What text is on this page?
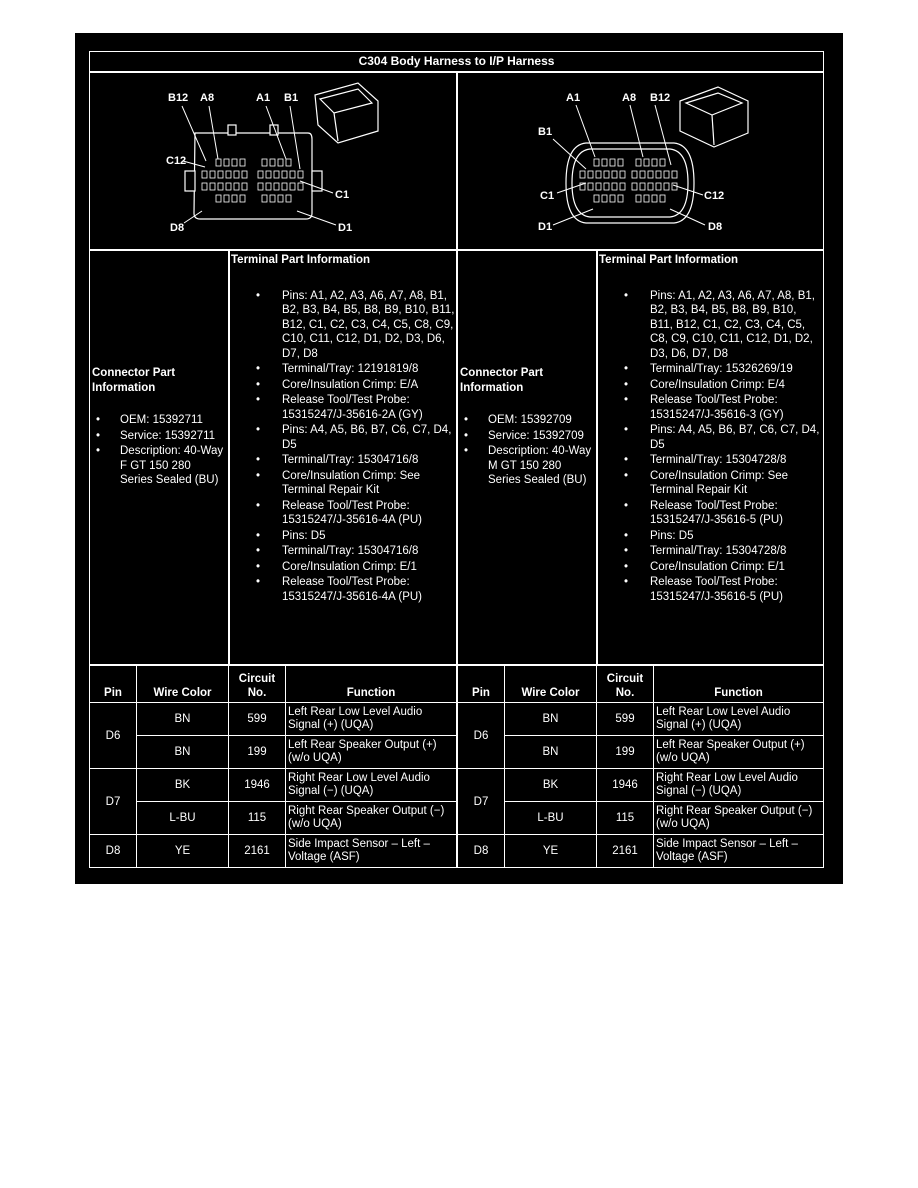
C304 Body Harness to I/P Harness
B12 A8	A1 B1
C12
C1
D8	D1
A1	A8 B12
B1
C1	C12
D1	D8
Connector Part Information
• OEM: 15392711
• Service: 15392711
• Description: 40-Way F GT 150 280 Series Sealed (BU)
Terminal Part Information
• Pins: A1, A2, A3, A6, A7, A8, B1, B2, B3, B4, B5, B8, B9, B10, B11, B12, C1, C2, C3, C4, C5, C8, C9, C10, C11, C12, D1, D2, D3, D6, D7, D8
• Terminal/Tray: 12191819/8
• Core/Insulation Crimp: E/A
• Release Tool/Test Probe: 15315247/J-35616-2A (GY)
• Pins: A4, A5, B6, B7, C6, C7, D4, D5
• Terminal/Tray: 15304716/8
• Core/Insulation Crimp: See Terminal Repair Kit
• Release Tool/Test Probe: 15315247/J-35616-4A (PU)
• Pins: D5
• Terminal/Tray: 15304716/8
• Core/Insulation Crimp: E/1
• Release Tool/Test Probe: 15315247/J-35616-4A (PU)
Connector Part Information
• OEM: 15392709
• Service: 15392709
• Description: 40-Way M GT 150 280 Series Sealed (BU)
Terminal Part Information
• Pins: A1, A2, A3, A6, A7, A8, B1, B2, B3, B4, B5, B8, B9, B10, B11, B12, C1, C2, C3, C4, C5, C8, C9, C10, C11, C12, D1, D2, D3, D6, D7, D8
• Terminal/Tray: 15326269/19
• Core/Insulation Crimp: E/4
• Release Tool/Test Probe: 15315247/J-35616-3 (GY)
• Pins: A4, A5, B6, B7, C6, C7, D4, D5
• Terminal/Tray: 15304728/8
• Core/Insulation Crimp: See Terminal Repair Kit
• Release Tool/Test Probe: 15315247/J-35616-5 (PU)
• Pins: D5
• Terminal/Tray: 15304728/8
• Core/Insulation Crimp: E/1
• Release Tool/Test Probe: 15315247/J-35616-5 (PU)
Pin	Wire Color	Circuit No.	Function
D6	BN	599	Left Rear Low Level Audio Signal (+) (UQA)
	BN	199	Left Rear Speaker Output (+) (w/o UQA)
D7	BK	1946	Right Rear Low Level Audio Signal (−) (UQA)
	L-BU	115	Right Rear Speaker Output (−) (w/o UQA)
D8	YE	2161	Side Impact Sensor – Left – Voltage (ASF)
Pin	Wire Color	Circuit No.	Function
D6	BN	599	Left Rear Low Level Audio Signal (+) (UQA)
	BN	199	Left Rear Speaker Output (+) (w/o UQA)
D7	BK	1946	Right Rear Low Level Audio Signal (−) (UQA)
	L-BU	115	Right Rear Speaker Output (−) (w/o UQA)
D8	YE	2161	Side Impact Sensor – Left – Voltage (ASF)
